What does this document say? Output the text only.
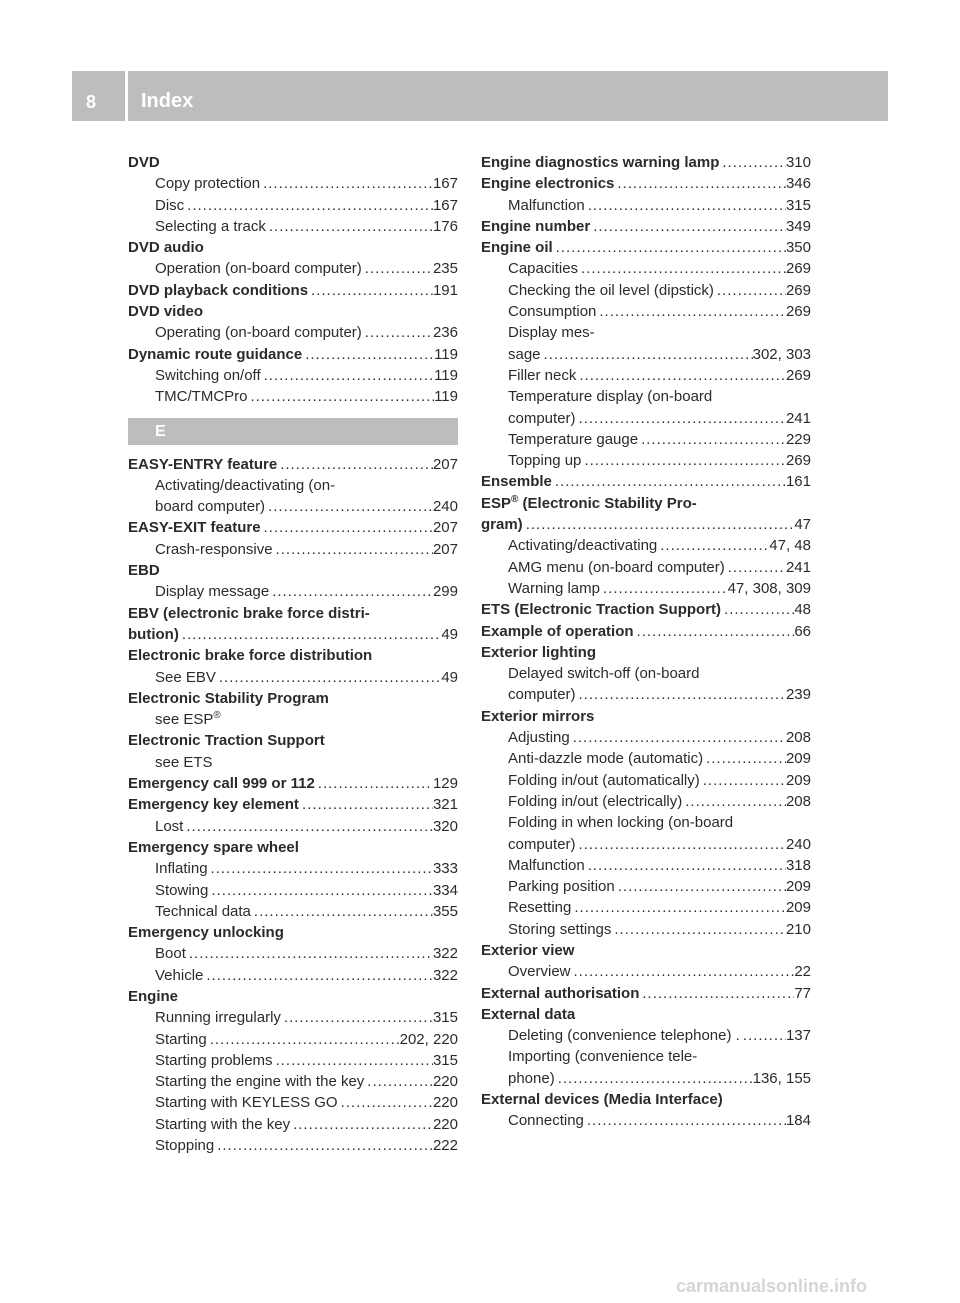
8 Index
DVD
Copy protection .....	167
Disc .....	167
Selecting a track .....	176
DVD audio
Operation (on-board computer) .....	235
DVD playback conditions .....	191
DVD video
Operating (on-board computer) .....	236
Dynamic route guidance .....	119
Switching on/off .....	119
TMC/TMCPro .....	119
E
EASY-ENTRY feature .....	207
Activating/deactivating (on-
board computer) .....	240
EASY-EXIT feature .....	207
Crash-responsive .....	207
EBD
Display message .....	299
EBV (electronic brake force distri-
bution) .....	49
Electronic brake force distribution
See EBV .....	49
Electronic Stability Program
see ESP®
Electronic Traction Support
see ETS
Emergency call 999 or 112 .....	129
Emergency key element .....	321
Lost .....	320
Emergency spare wheel
Inflating .....	333
Stowing .....	334
Technical data .....	355
Emergency unlocking
Boot .....	322
Vehicle .....	322
Engine
Running irregularly .....	315
Starting .....	202, 220
Starting problems .....	315
Starting the engine with the key .....	220
Starting with KEYLESS GO .....	220
Starting with the key .....	220
Stopping .....	222
Engine diagnostics warning lamp .....	310
Engine electronics .....	346
Malfunction .....	315
Engine number .....	349
Engine oil .....	350
Capacities .....	269
Checking the oil level (dipstick) .....	269
Consumption .....	269
Display mes-
sage .....	302, 303
Filler neck .....	269
Temperature display (on-board
computer) .....	241
Temperature gauge .....	229
Topping up .....	269
Ensemble .....	161
ESP® (Electronic Stability Pro-
gram) .....	47
Activating/deactivating .....	47, 48
AMG menu (on-board computer) .....	241
Warning lamp .....	47, 308, 309
ETS (Electronic Traction Support) .....	48
Example of operation .....	66
Exterior lighting
Delayed switch-off (on-board
computer) .....	239
Exterior mirrors
Adjusting .....	208
Anti-dazzle mode (automatic) .....	209
Folding in/out (automatically) .....	209
Folding in/out (electrically) .....	208
Folding in when locking (on-board
computer) .....	240
Malfunction .....	318
Parking position .....	209
Resetting .....	209
Storing settings .....	210
Exterior view
Overview .....	22
External authorisation .....	77
External data
Deleting (convenience telephone) . .....	137
Importing (convenience tele-
phone) .....	136, 155
External devices (Media Interface)
Connecting .....	184
carmanualsonline.info
